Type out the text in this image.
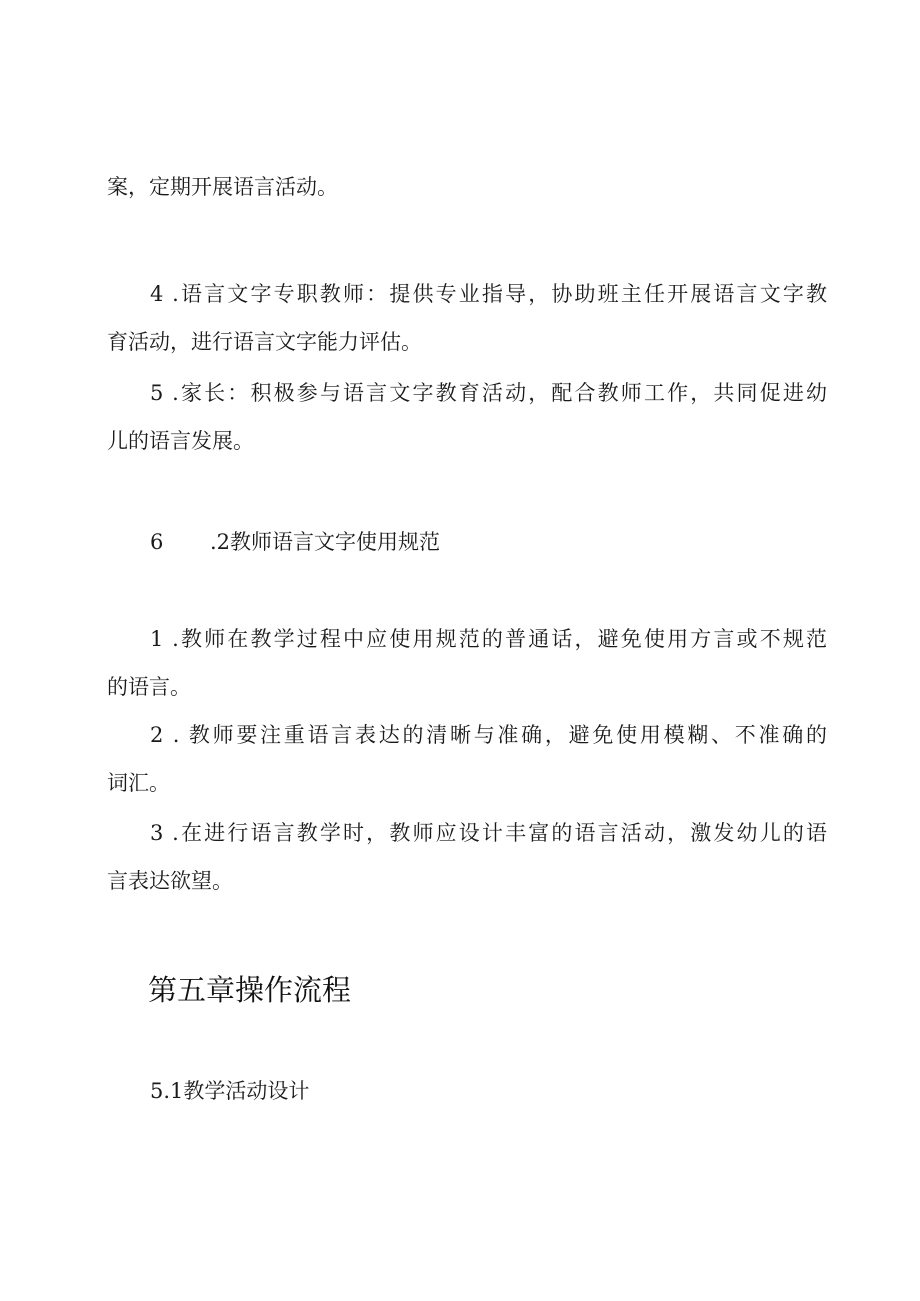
案，定期开展语言活动。
4 .语言文字专职教师：提供专业指导，协助班主任开展语言文字教
育活动，进行语言文字能力评估。
5 .家长：积极参与语言文字教育活动，配合教师工作，共同促进幼
儿的语言发展。
6 .2教师语言文字使用规范
1 .教师在教学过程中应使用规范的普通话，避免使用方言或不规范
的语言。
2 . 教师要注重语言表达的清晰与准确，避免使用模糊、不准确的
词汇。
3 .在进行语言教学时，教师应设计丰富的语言活动，激发幼儿的语
言表达欲望。
第五章操作流程
5.1教学活动设计
